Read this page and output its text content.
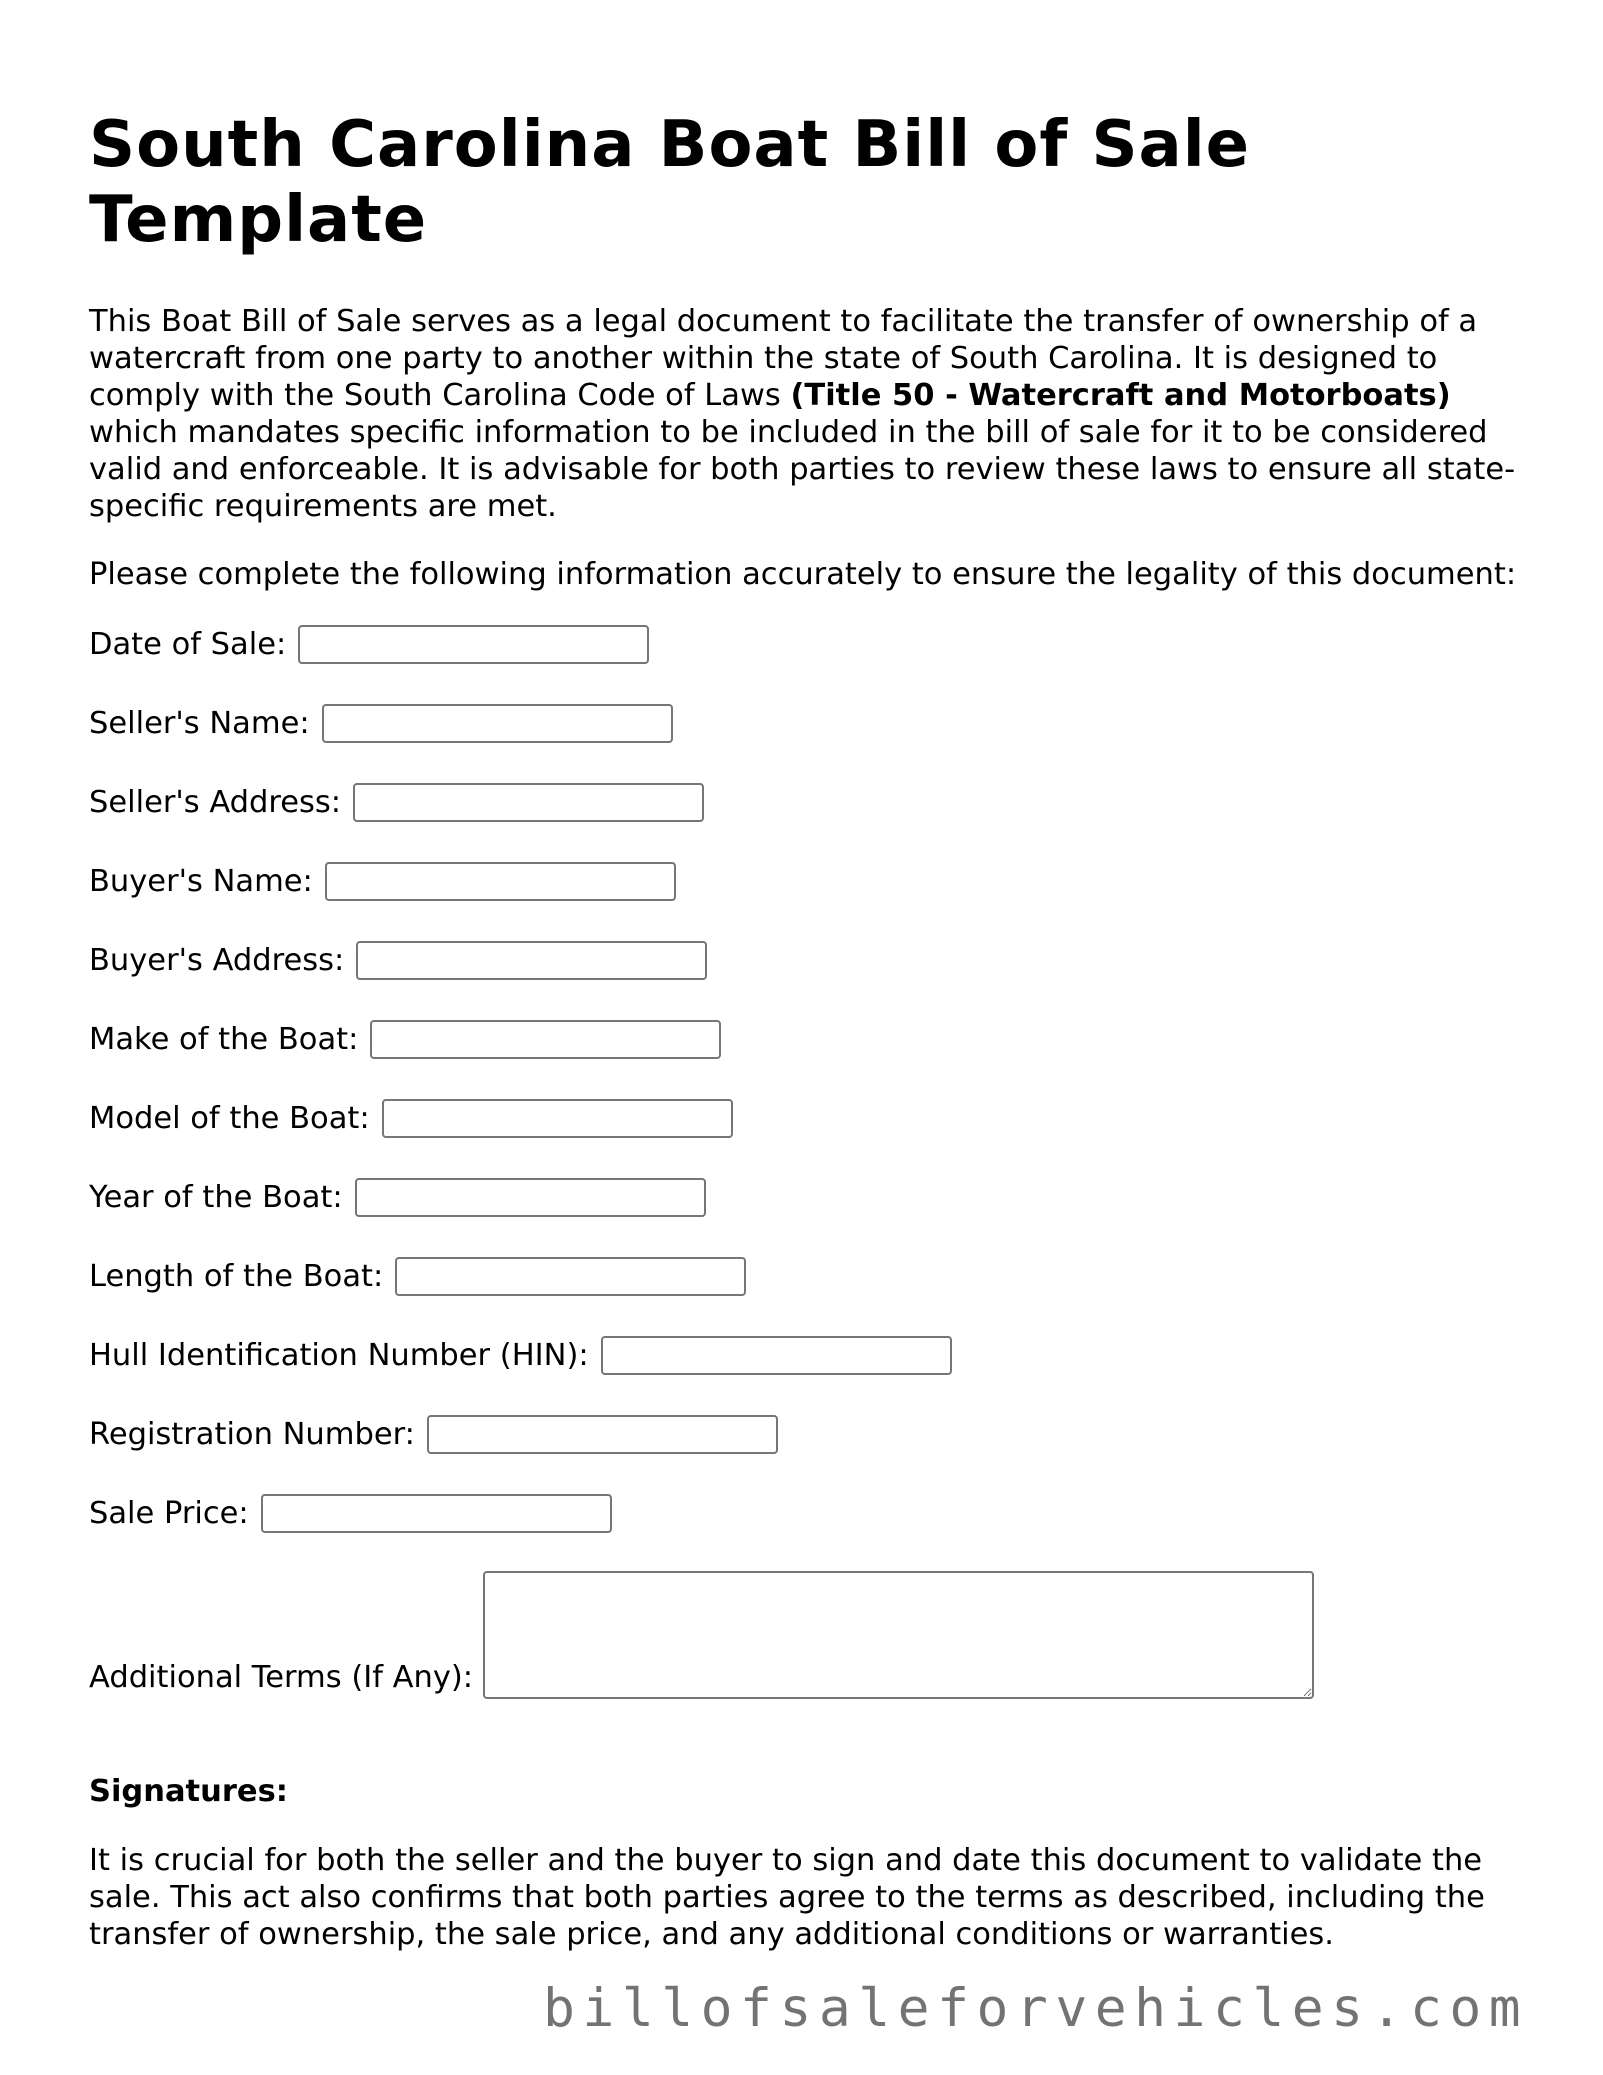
South Carolina Boat Bill of Sale Template

This Boat Bill of Sale serves as a legal document to facilitate the transfer of ownership of a watercraft from one party to another within the state of South Carolina. It is designed to comply with the South Carolina Code of Laws (Title 50 - Watercraft and Motorboats) which mandates specific information to be included in the bill of sale for it to be considered valid and enforceable. It is advisable for both parties to review these laws to ensure all state-specific requirements are met.

Please complete the following information accurately to ensure the legality of this document:

Date of Sale:
Seller's Name:
Seller's Address:
Buyer's Name:
Buyer's Address:
Make of the Boat:
Model of the Boat:
Year of the Boat:
Length of the Boat:
Hull Identification Number (HIN):
Registration Number:
Sale Price:
Additional Terms (If Any):

Signatures:

It is crucial for both the seller and the buyer to sign and date this document to validate the sale. This act also confirms that both parties agree to the terms as described, including the transfer of ownership, the sale price, and any additional conditions or warranties.

billofsaleforvehicles.com
